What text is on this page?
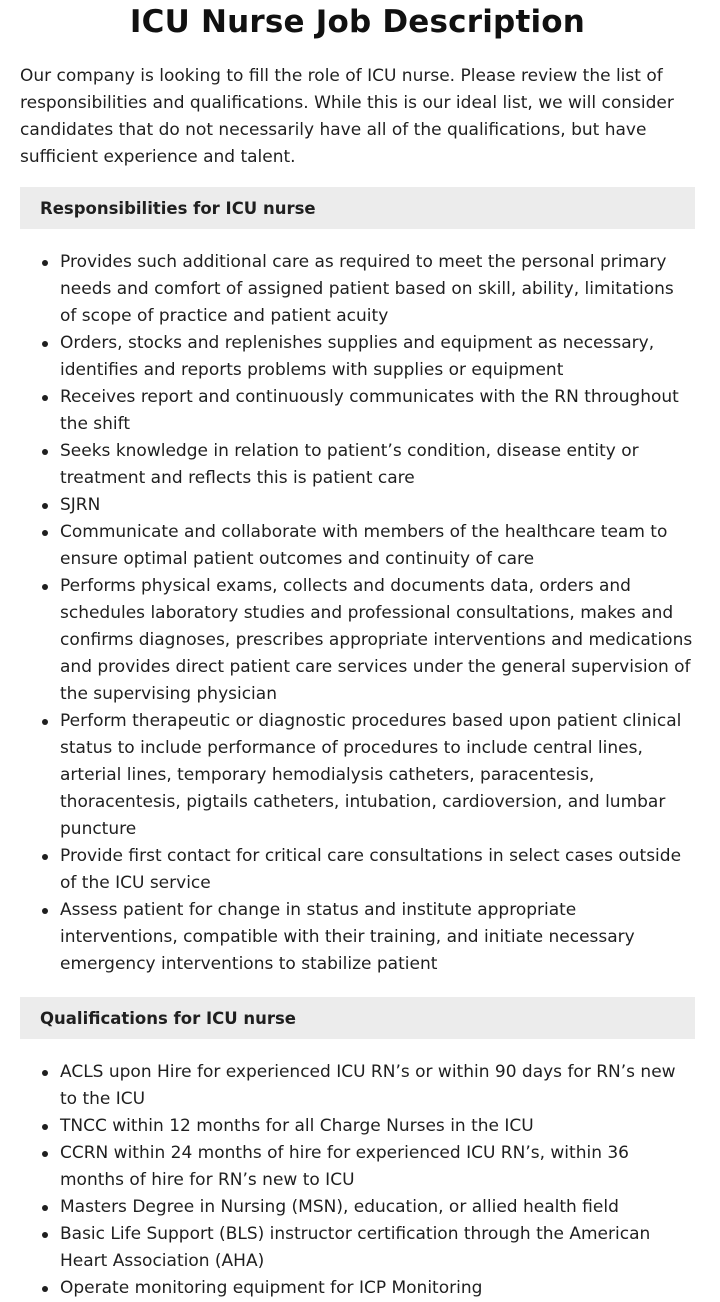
ICU Nurse Job Description

Our company is looking to fill the role of ICU nurse. Please review the list of responsibilities and qualifications. While this is our ideal list, we will consider candidates that do not necessarily have all of the qualifications, but have sufficient experience and talent.

Responsibilities for ICU nurse
Provides such additional care as required to meet the personal primary needs and comfort of assigned patient based on skill, ability, limitations of scope of practice and patient acuity
Orders, stocks and replenishes supplies and equipment as necessary, identifies and reports problems with supplies or equipment
Receives report and continuously communicates with the RN throughout the shift
Seeks knowledge in relation to patient’s condition, disease entity or treatment and reflects this is patient care
SJRN
Communicate and collaborate with members of the healthcare team to ensure optimal patient outcomes and continuity of care
Performs physical exams, collects and documents data, orders and schedules laboratory studies and professional consultations, makes and confirms diagnoses, prescribes appropriate interventions and medications and provides direct patient care services under the general supervision of the supervising physician
Perform therapeutic or diagnostic procedures based upon patient clinical status to include performance of procedures to include central lines, arterial lines, temporary hemodialysis catheters, paracentesis, thoracentesis, pigtails catheters, intubation, cardioversion, and lumbar puncture
Provide first contact for critical care consultations in select cases outside of the ICU service
Assess patient for change in status and institute appropriate interventions, compatible with their training, and initiate necessary emergency interventions to stabilize patient
Qualifications for ICU nurse
ACLS upon Hire for experienced ICU RN’s or within 90 days for RN’s new to the ICU
TNCC within 12 months for all Charge Nurses in the ICU
CCRN within 24 months of hire for experienced ICU RN’s, within 36 months of hire for RN’s new to ICU
Masters Degree in Nursing (MSN), education, or allied health field
Basic Life Support (BLS) instructor certification through the American Heart Association (AHA)
Operate monitoring equipment for ICP Monitoring
